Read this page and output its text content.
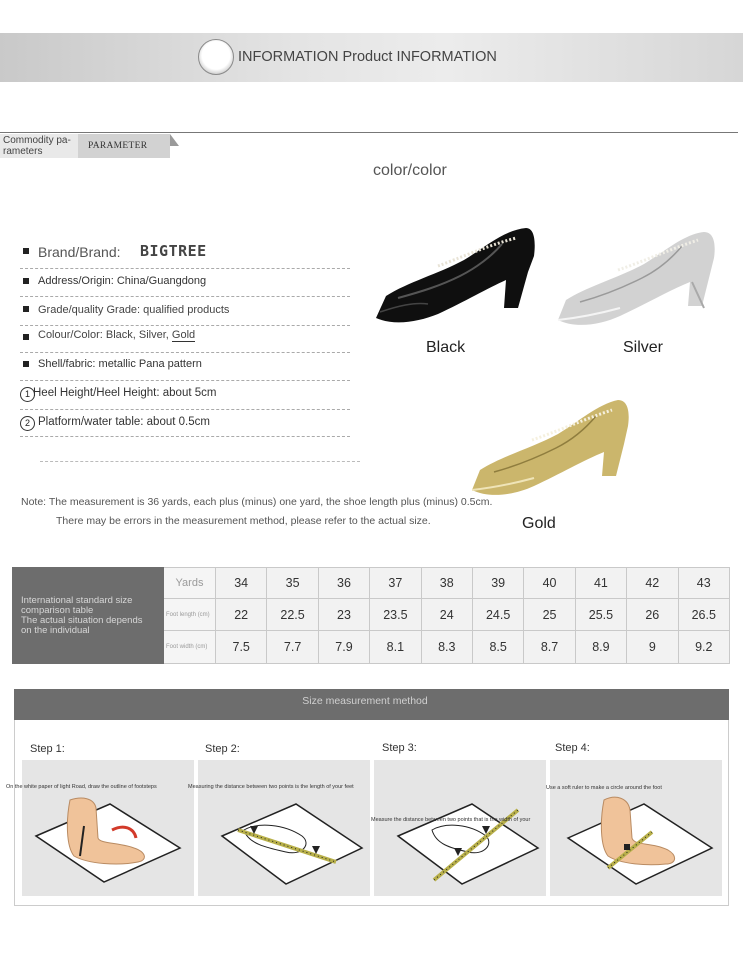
INFORMATION Product INFORMATION
Commodity pa-rameters	PARAMETER
color/color
Brand/Brand: BIGTREE
Address/Origin: China/Guangdong
Grade/quality Grade: qualified products
Colour/Color: Black, Silver, Gold
Shell/fabric: metallic Pana pattern
1 Heel Height/Heel Height: about 5cm
2 Platform/water table: about 0.5cm
Note: The measurement is 36 yards, each plus (minus) one yard, the shoe length plus (minus) 0.5cm.
There may be errors in the measurement method, please refer to the actual size.
Black	Silver
Gold
International standard size comparison table
The actual situation depends on the individual	Yards	34	35	36	37	38	39	40	41	42	43
	Foot length (cm)	22	22.5	23	23.5	24	24.5	25	25.5	26	26.5
	Foot width (cm)	7.5	7.7	7.9	8.1	8.3	8.5	8.7	8.9	9	9.2
Size measurement method
Step 1:	Step 2:	Step 3:	Step 4:
On the white paper of light Road, draw the outline of footsteps	Measuring the distance between two points is the length of your feet
Measure the distance between two points that is the width of your
Use a soft ruler to make a circle around the foot
